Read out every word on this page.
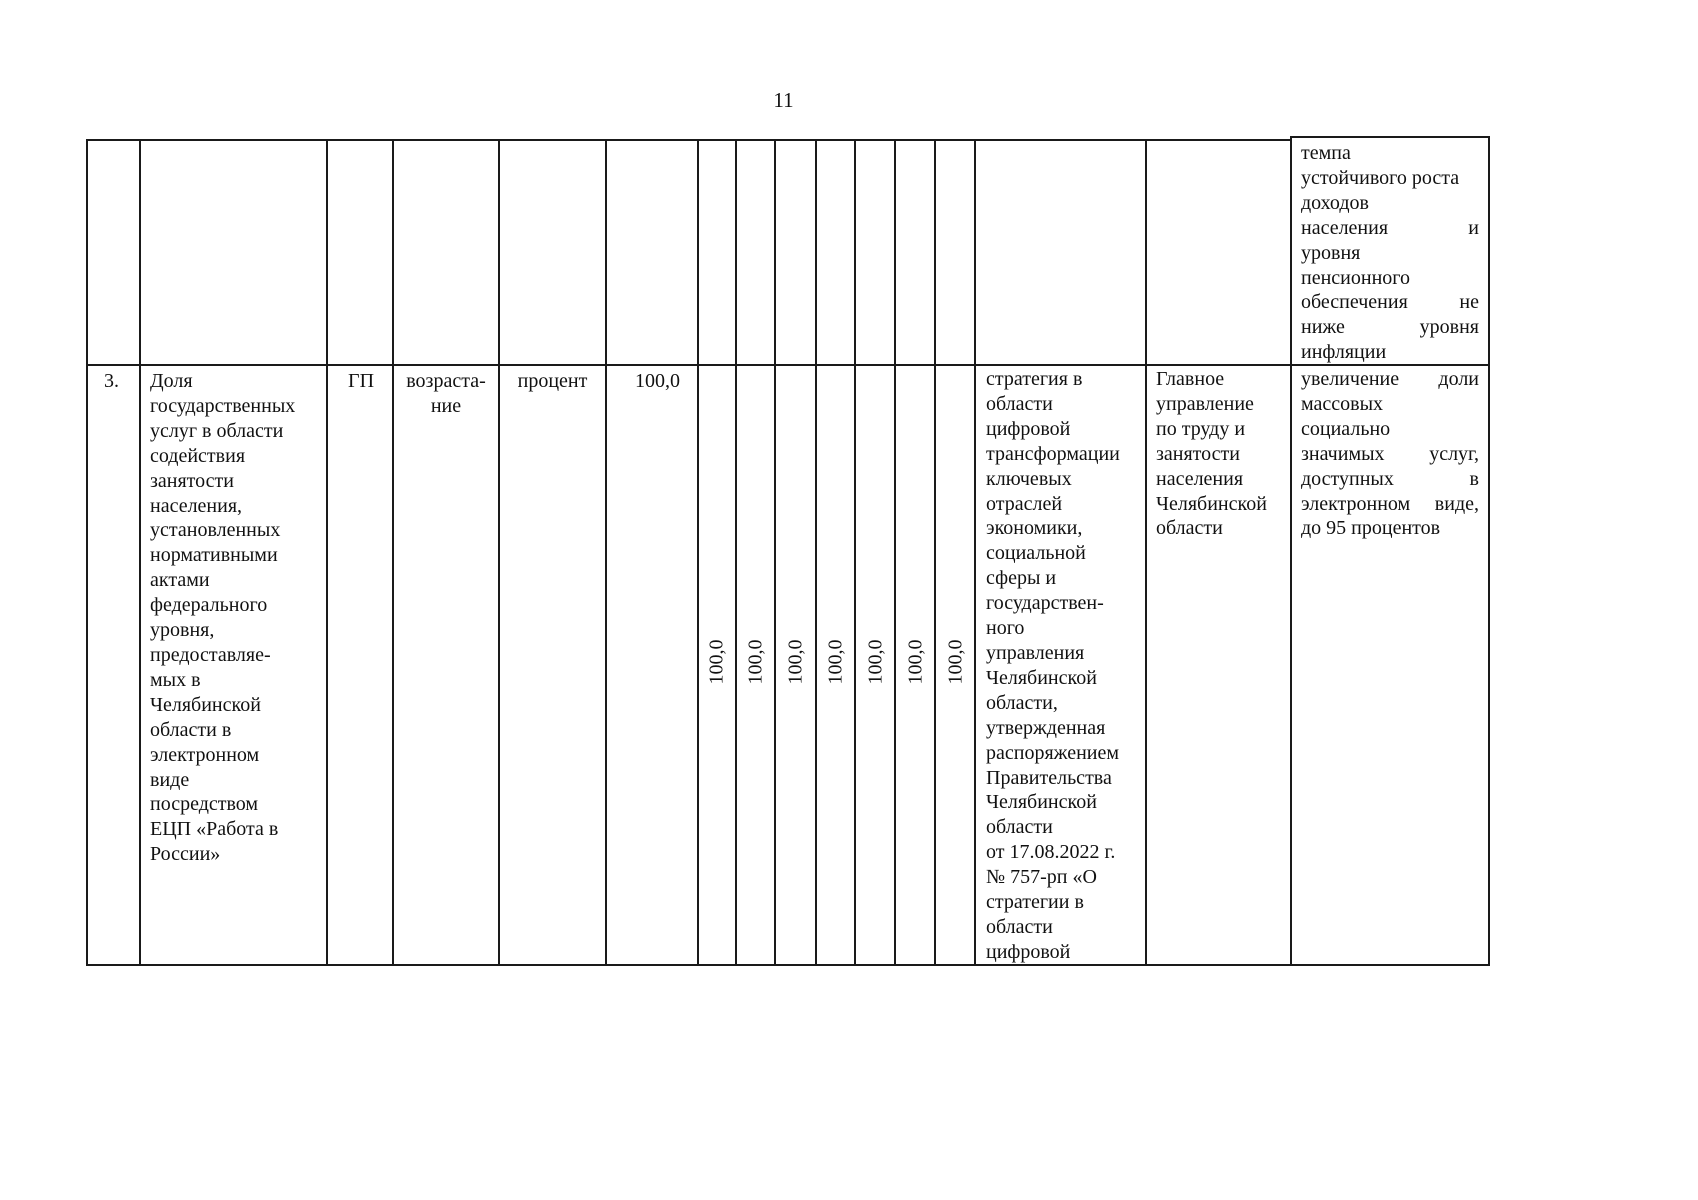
11
темпа
устойчивого роста
доходов
населения и
уровня
пенсионного
обеспечения не
ниже уровня
инфляции
3. Доля
государственных
услуг в области
содействия
занятости
населения,
установленных
нормативными
актами
федерального
уровня,
предоставляе-
мых в
Челябинской
области в
электронном
виде
посредством
ЕЦП «Работа в
России»
ГП	возраста-
ние
процент	100,0
100,0 100,0 100,0 100,0 100,0 100,0 100,0
стратегия в
области
цифровой
трансформации
ключевых
отраслей
экономики,
социальной
сферы и
государствен-
ного
управления
Челябинской
области,
утвержденная
распоряжением
Правительства
Челябинской
области
от 17.08.2022 г.
№ 757-рп «О
стратегии в
области
цифровой
Главное
управление
по труду и
занятости
населения
Челябинской
области
увеличение доли
массовых
социально
значимых услуг,
доступных в
электронном виде,
до 95 процентов
